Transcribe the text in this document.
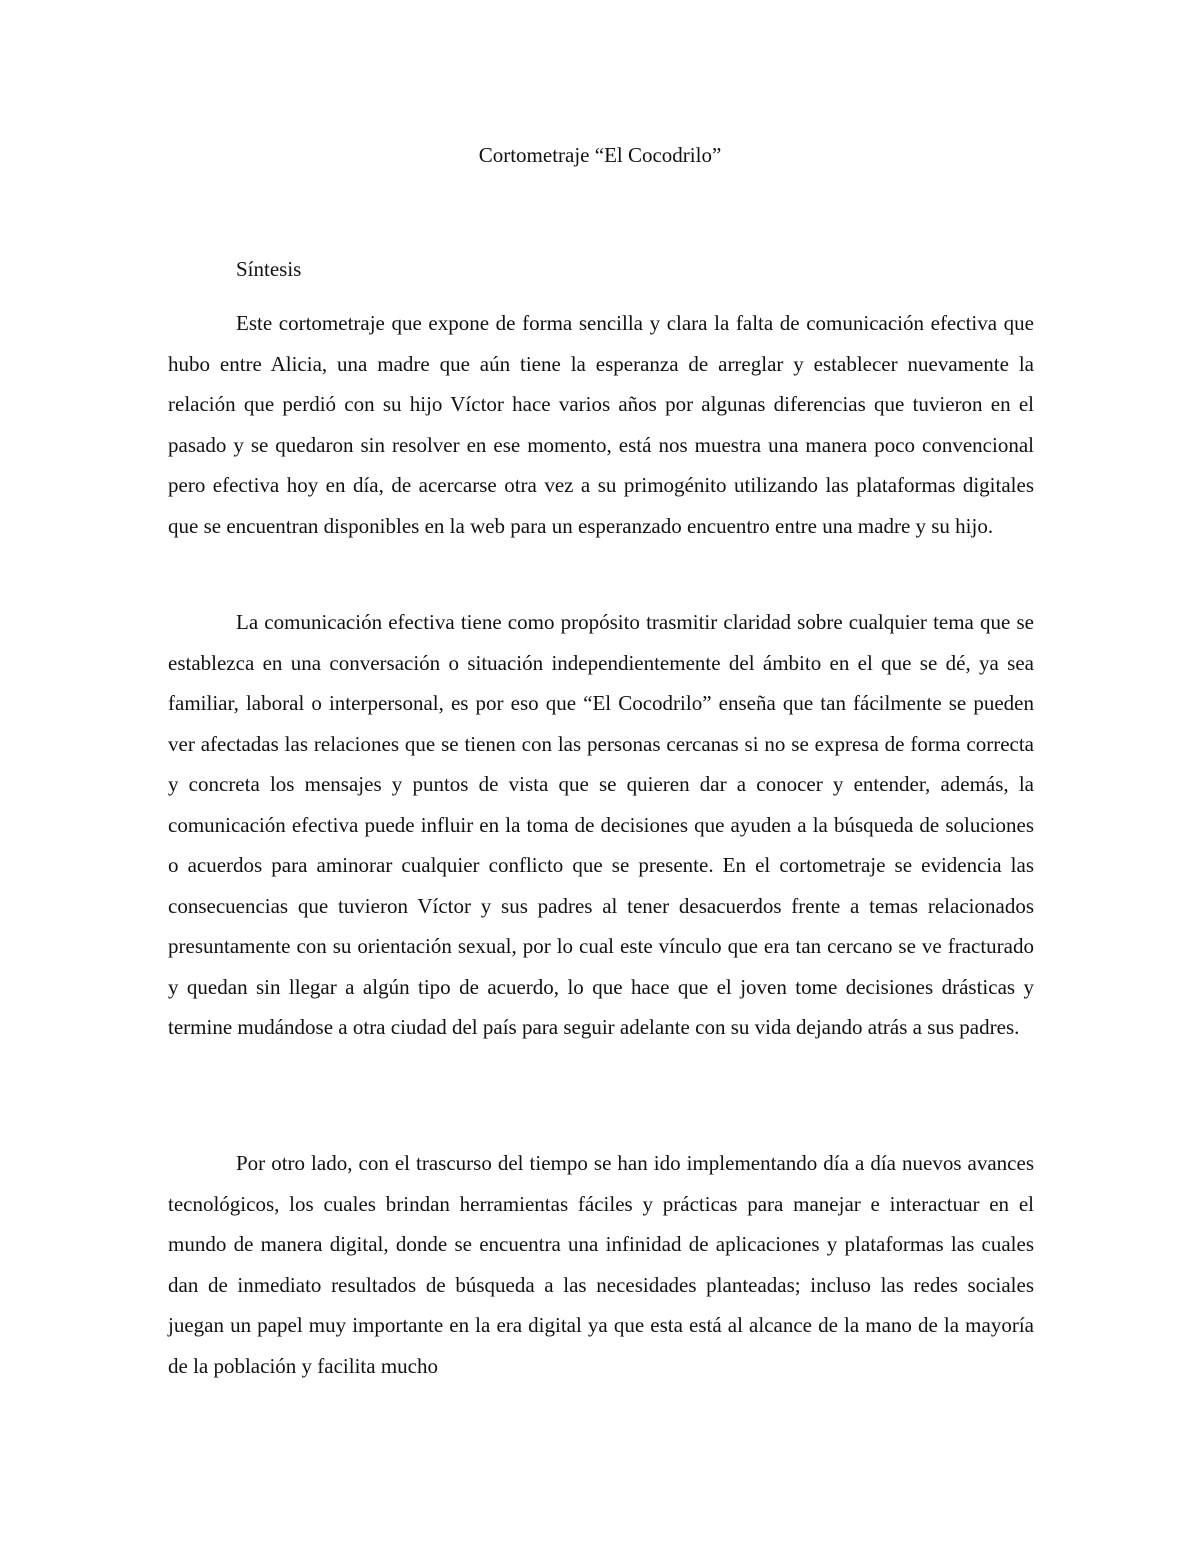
Cortometraje “El Cocodrilo”
Síntesis

Este cortometraje que expone de forma sencilla y clara la falta de comunicación efectiva que hubo entre Alicia, una madre que aún tiene la esperanza de arreglar y establecer nuevamente la relación que perdió con su hijo Víctor hace varios años por algunas diferencias que tuvieron en el pasado y se quedaron sin resolver en ese momento, está nos muestra una manera poco convencional pero efectiva hoy en día, de acercarse otra vez a su primogénito utilizando las plataformas digitales que se encuentran disponibles en la web para un esperanzado encuentro entre una madre y su hijo.

La comunicación efectiva tiene como propósito trasmitir claridad sobre cualquier tema que se establezca en una conversación o situación independientemente del ámbito en el que se dé, ya sea familiar, laboral o interpersonal, es por eso que “El Cocodrilo” enseña que tan fácilmente se pueden ver afectadas las relaciones que se tienen con las personas cercanas si no se expresa de forma correcta y concreta los mensajes y puntos de vista que se quieren dar a conocer y entender, además, la comunicación efectiva puede influir en la toma de decisiones que ayuden a la búsqueda de soluciones o acuerdos para aminorar cualquier conflicto que se presente. En el cortometraje se evidencia las consecuencias que tuvieron Víctor y sus padres al tener desacuerdos frente a temas relacionados presuntamente con su orientación sexual, por lo cual este vínculo que era tan cercano se ve fracturado y quedan sin llegar a algún tipo de acuerdo, lo que hace que el joven tome decisiones drásticas y termine mudándose a otra ciudad del país para seguir adelante con su vida dejando atrás a sus padres.

Por otro lado, con el trascurso del tiempo se han ido implementando día a día nuevos avances tecnológicos, los cuales brindan herramientas fáciles y prácticas para manejar e interactuar en el mundo de manera digital, donde se encuentra una infinidad de aplicaciones y plataformas las cuales dan de inmediato resultados de búsqueda a las necesidades planteadas; incluso las redes sociales juegan un papel muy importante en la era digital ya que esta está al alcance de la mano de la mayoría de la población y facilita mucho
